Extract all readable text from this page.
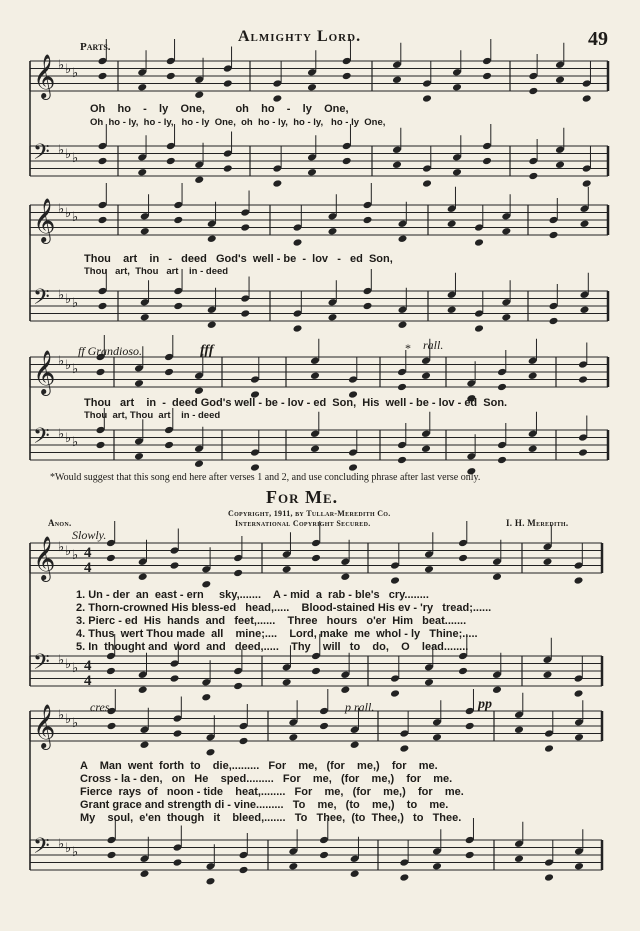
49
Almighty Lord.
Parts.
𝄞 ♭ ♭ ♭
𝄢 ♭ ♭ ♭
𝄞 ♭ ♭ ♭
𝄢 ♭ ♭ ♭
𝄞 ♭ ♭ ♭
𝄢 ♭ ♭ ♭
𝄞 ♭ ♭ ♭
𝄢 ♭ ♭ ♭
𝄞 ♭ ♭ ♭
𝄢 ♭ ♭ ♭
4
4
4
4
Oh    ho    -    ly    One,          oh    ho    -    ly    One,
Oh  ho - ly,  ho - ly,   ho - ly  One,  oh  ho - ly,  ho - ly,   ho - ly  One,
Thou    art    in   -   deed   God's  well - be  -  lov   -   ed  Son,
Thou   art,  Thou   art    in - deed
ff Grandioso.	fff	* rall.
Thou   art    in  -  deed God's well - be - lov - ed  Son,  His  well - be - lov - ed  Son.
Thou  art, Thou  art    in - deed
*Would suggest that this song end here after verses 1 and 2, and use concluding phrase after last verse only.
For Me.
Copyright, 1911, by Tullar-Meredith Co.
International Copyright Secured.
Anon.	I. H. Meredith.
Slowly.
1. Un - der  an  east - ern     sky,.......    A - mid  a  rab - ble's   cry........
2. Thorn-crowned His bless-ed   head,.....    Blood-stained His ev - 'ry   tread;......
3. Pierc - ed  His  hands  and   feet,......    Three   hours   o'er  Him   beat.......
4. Thus  wert Thou made  all    mine;....    Lord, make  me  whol - ly   Thine;.....
5. In  thought and  word  and   deed,.....    Thy    will   to    do,    O    lead........
cres.	p rall.	pp
A    Man  went  forth  to    die,.........   For    me,   (for    me,)    for    me.
Cross - la - den,   on   He    sped.........   For    me,   (for    me,)    for    me.
Fierce  rays  of   noon - tide    heat,........   For    me,   (for    me,)    for    me.
Grant grace and strength di - vine.........   To    me,   (to    me,)    to    me.
My    soul,  e'en  though   it    bleed,.......   To   Thee,  (to  Thee,)   to   Thee.
